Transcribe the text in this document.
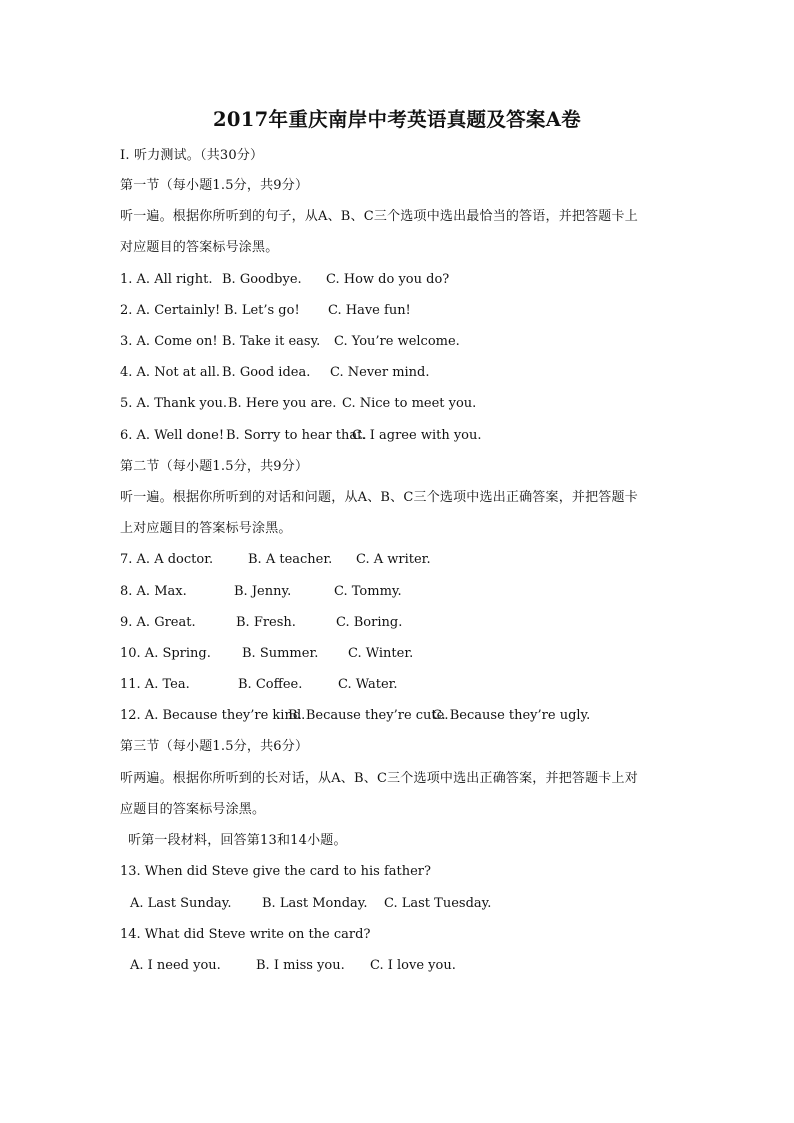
2017年重庆南岸中考英语真题及答案A卷
I. 听力测试。（共30分）
第一节（每小题1.5分，共9分）
听一遍。根据你所听到的句子，从A、B、C三个选项中选出最恰当的答语，并把答题卡上
对应题目的答案标号涂黑。
1. A. All right. B. Goodbye. C. How do you do?
2. A. Certainly! B. Let’s go! C. Have fun!
3. A. Come on! B. Take it easy. C. You’re welcome.
4. A. Not at all. B. Good idea. C. Never mind.
5. A. Thank you. B. Here you are. C. Nice to meet you.
6. A. Well done! B. Sorry to hear that.
C. I agree with you.
第二节（每小题1.5分，共9分）
听一遍。根据你所听到的对话和问题，从A、B、C三个选项中选出正确答案，并把答题卡
上对应题目的答案标号涂黑。
7. A. A doctor.	B. A teacher. C. A writer.
8. A. Max.	B. Jenny.	C. Tommy.
9. A. Great.	B. Fresh.	C. Boring.
10. A. Spring. B. Summer. C. Winter.
11. A. Tea.	B. Coffee.	C. Water.
12. A. Because they’re kind.
B. Because they’re cute.
C. Because they’re ugly.
第三节（每小题1.5分，共6分）
听两遍。根据你所听到的长对话，从A、B、C三个选项中选出正确答案，并把答题卡上对
应题目的答案标号涂黑。
听第一段材料，回答第13和14小题。
13. When did Steve give the card to his father?
A. Last Sunday. B. Last Monday. C. Last Tuesday.
14. What did Steve write on the card?
A. I need you.	B. I miss you. C. I love you.
